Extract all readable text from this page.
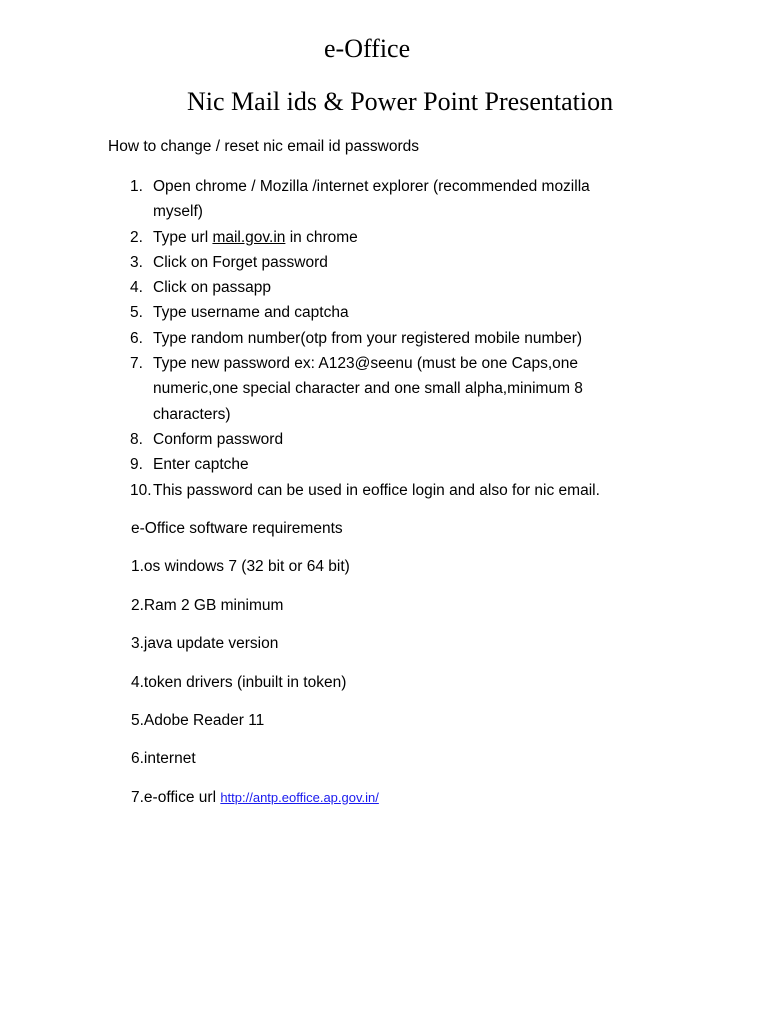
e-Office
Nic Mail ids & Power Point Presentation

How to change / reset nic email id passwords

1. Open chrome / Mozilla /internet explorer (recommended mozilla myself)
2. Type url mail.gov.in in chrome
3. Click on Forget password
4. Click on passapp
5. Type username and captcha
6. Type random number(otp from your registered mobile number)
7. Type new password ex: A123@seenu (must be one Caps,one numeric,one special character and one small alpha,minimum 8 characters)
8. Conform password
9. Enter captche
10. This password can be used in eoffice login and also for nic email.
e-Office software requirements
1.os windows 7 (32 bit or 64 bit)
2.Ram 2 GB minimum
3.java update version
4.token drivers (inbuilt in token)
5.Adobe Reader 11
6.internet
7.e-office url http://antp.eoffice.ap.gov.in/
